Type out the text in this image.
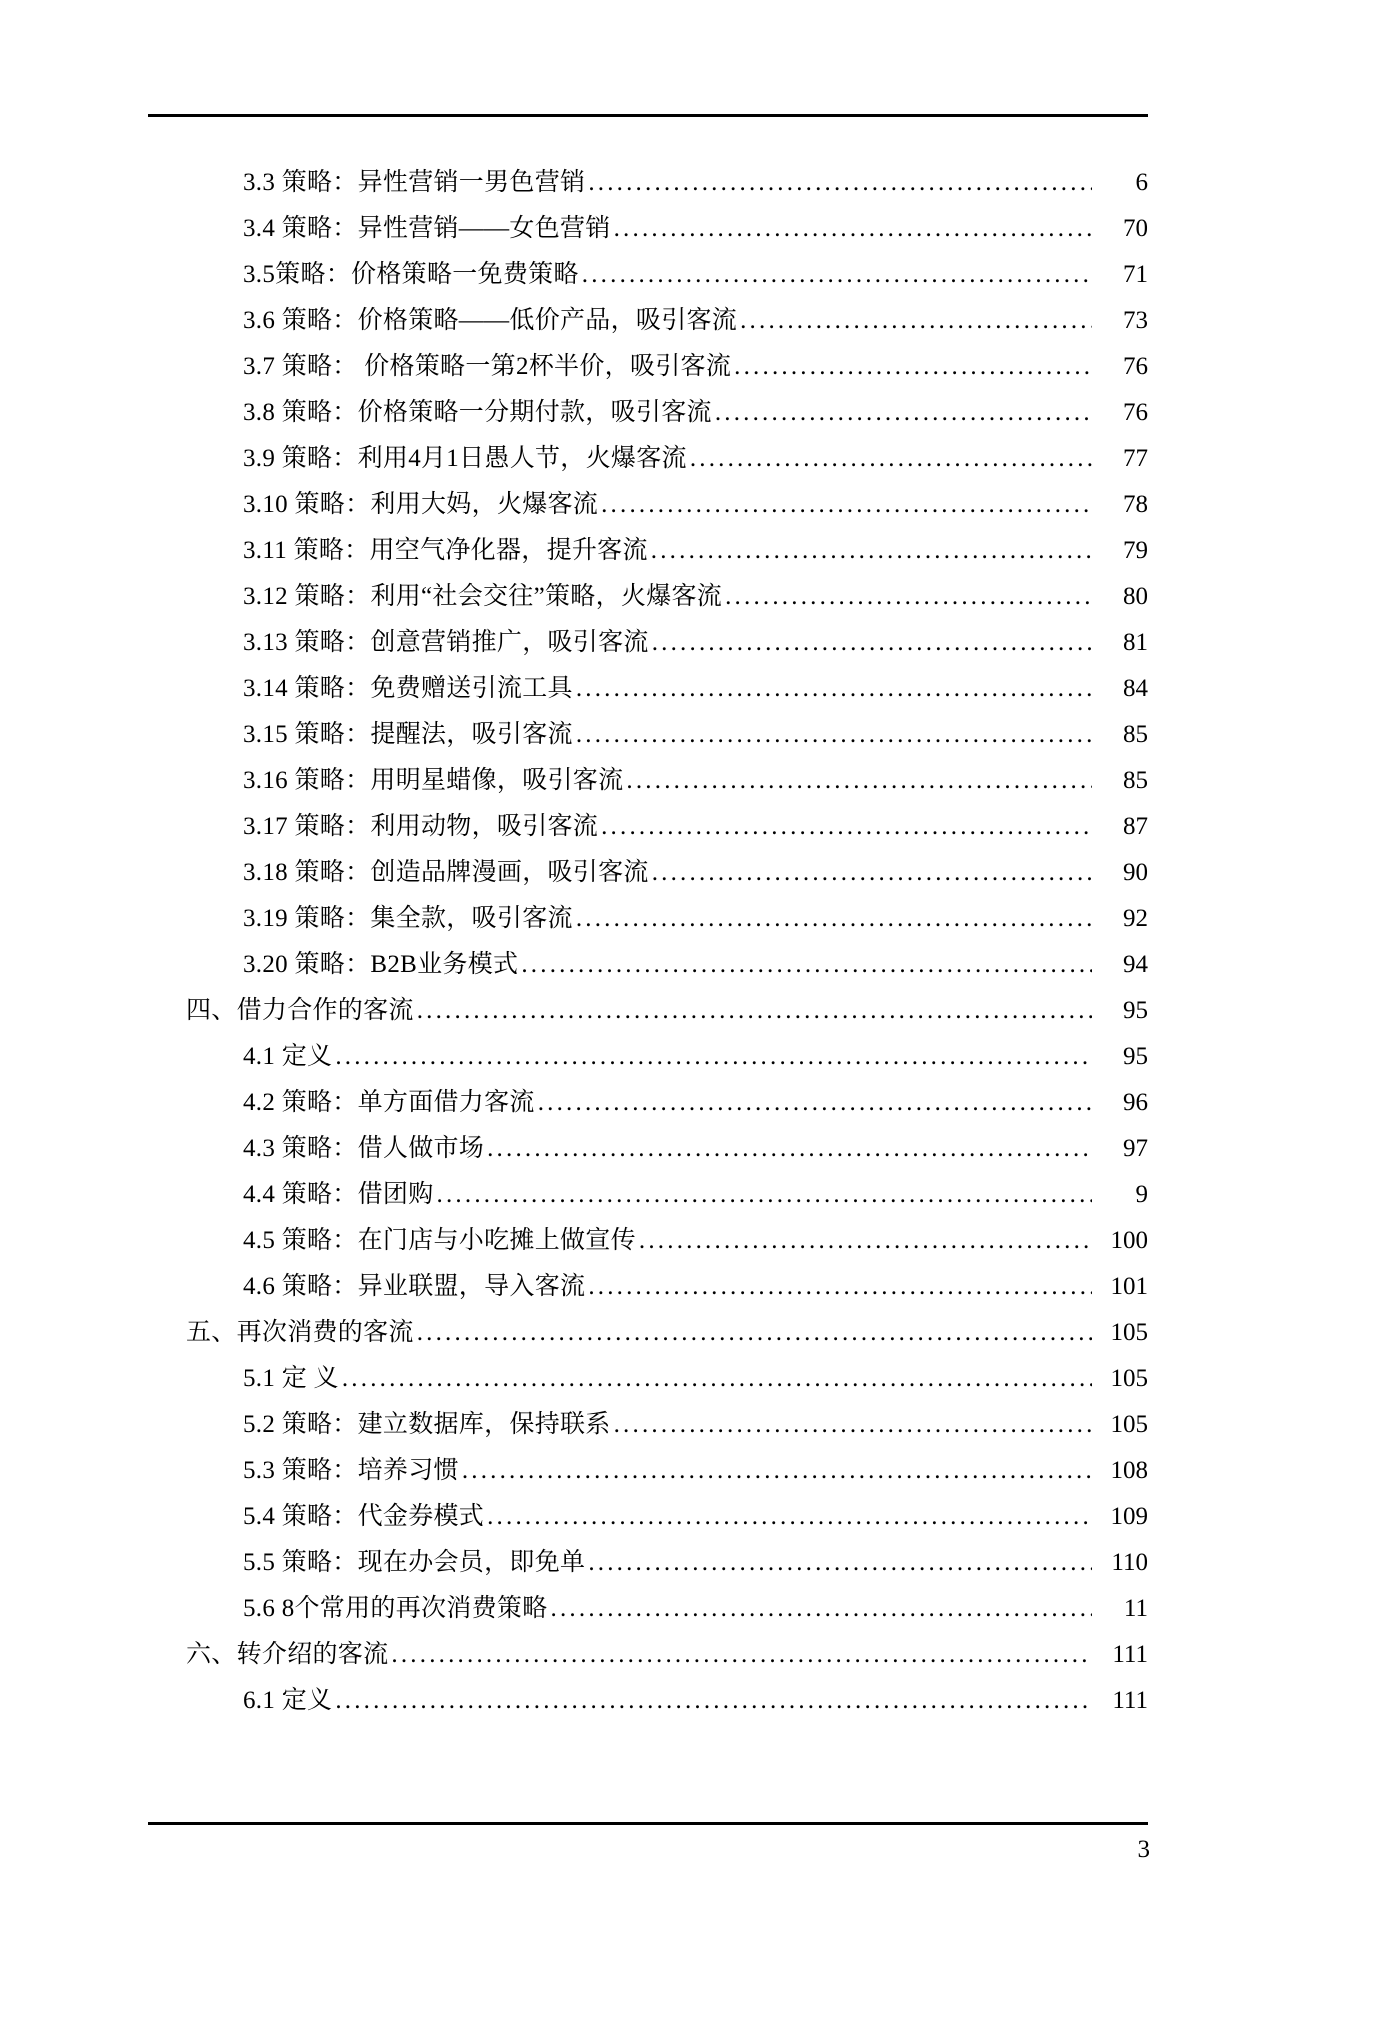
3.3 策略：异性营销一男色营销 .....	6
3.4 策略：异性营销——女色营销 .....	70
3.5策略：价格策略一免费策略 .....	71
3.6 策略：价格策略——低价产品，吸引客流 .....	73
3.7 策略： 价格策略一第2杯半价，吸引客流 .....	76
3.8 策略：价格策略一分期付款，吸引客流 .....	76
3.9 策略：利用4月1日愚人节，火爆客流 .....	77
3.10 策略：利用大妈，火爆客流 .....	78
3.11 策略：用空气净化器，提升客流 .....	79
3.12 策略：利用“社会交往”策略，火爆客流 .....	80
3.13 策略：创意营销推广，吸引客流 .....	81
3.14 策略：免费赠送引流工具 .....	84
3.15 策略：提醒法，吸引客流 .....	85
3.16 策略：用明星蜡像，吸引客流 .....	85
3.17 策略：利用动物，吸引客流 .....	87
3.18 策略：创造品牌漫画，吸引客流 .....	90
3.19 策略：集全款，吸引客流 .....	92
3.20 策略：B2B业务模式 .....	94
四、借力合作的客流 .....	95
4.1 定义 .....	95
4.2 策略：单方面借力客流 .....	96
4.3 策略：借人做市场 .....	97
4.4 策略：借团购 .....	9
4.5 策略：在门店与小吃摊上做宣传 .....	100
4.6 策略：异业联盟，导入客流 .....	101
五、再次消费的客流 .....	105
5.1 定 义 .....	105
5.2 策略：建立数据库，保持联系 .....	105
5.3 策略：培养习惯 .....	108
5.4 策略：代金券模式 .....	109
5.5 策略：现在办会员，即免单 .....	110
5.6 8个常用的再次消费策略 .....	11
六、转介绍的客流 .....	111
6.1 定义 .....	111
3
